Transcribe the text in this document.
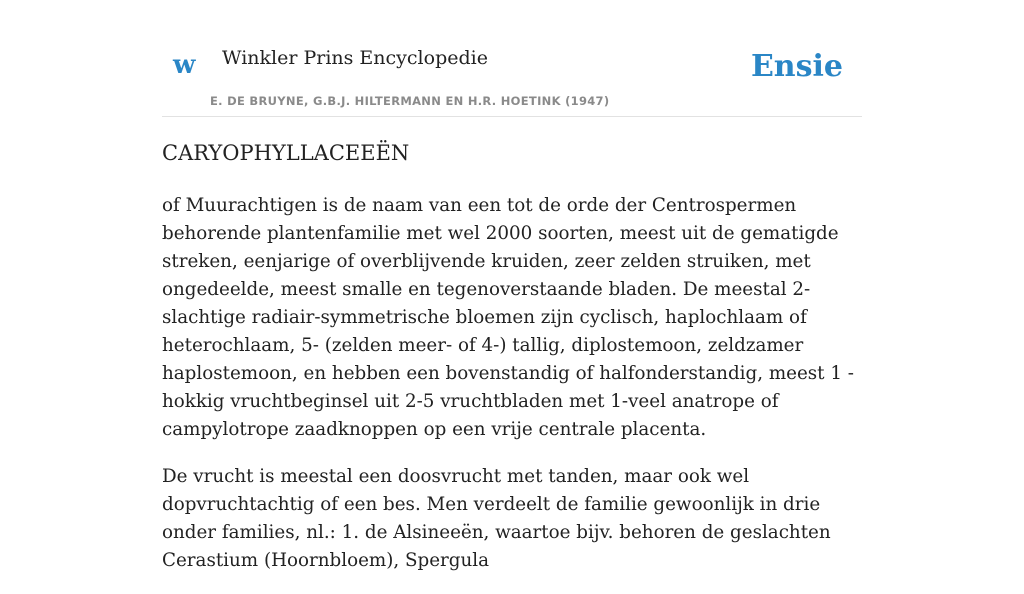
w Winkler Prins Encyclopedie
E. DE BRUYNE, G.B.J. HILTERMANN EN H.R. HOETINK (1947)
Ensie
CARYOPHYLLACEEËN

of Muurachtigen is de naam van een tot de orde der Centrospermen behorende plantenfamilie met wel 2000 soorten, meest uit de gematigde streken, eenjarige of overblijvende kruiden, zeer zelden struiken, met ongedeelde, meest smalle en tegenoverstaande bladen. De meestal 2-slachtige radiair-symmetrische bloemen zijn cyclisch, haplochlaam of heterochlaam, 5- (zelden meer- of 4-) tallig, diplostemoon, zeldzamer haplostemoon, en hebben een bovenstandig of halfonderstandig, meest 1 -hokkig vruchtbeginsel uit 2-5 vruchtbladen met 1-veel anatrope of campylotrope zaadknoppen op een vrije centrale placenta.

De vrucht is meestal een doosvrucht met tanden, maar ook wel dopvruchtachtig of een bes. Men verdeelt de familie gewoonlijk in drie onder families, nl.: 1. de Alsineeën, waartoe bijv. behoren de geslachten Cerastium (Hoornbloem), Spergula
